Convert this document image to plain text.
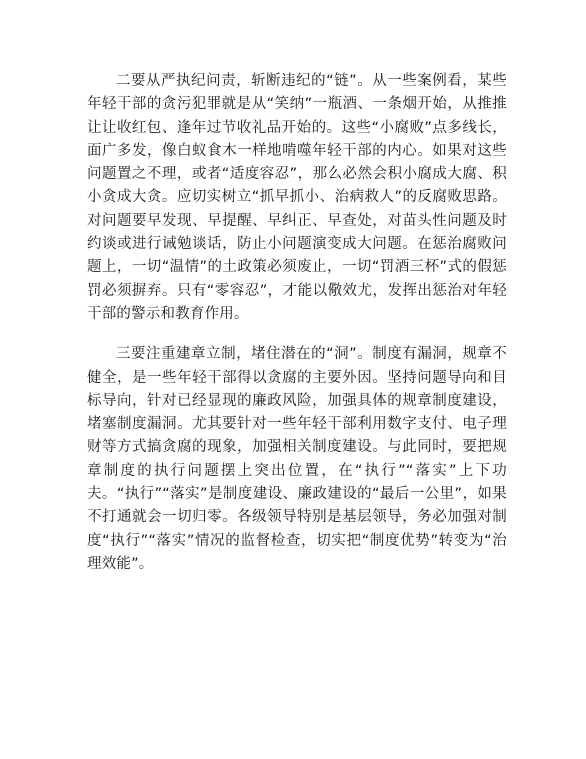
二要从严执纪问责，斩断违纪的“链”。从一些案例看，某些年轻干部的贪污犯罪就是从“笑纳”一瓶酒、一条烟开始，从推推让让收红包、逢年过节收礼品开始的。这些“小腐败”点多线长，面广多发，像白蚁食木一样地啃噬年轻干部的内心。如果对这些问题置之不理，或者“适度容忍”，那么必然会积小腐成大腐、积小贪成大贪。应切实树立“抓早抓小、治病救人”的反腐败思路。对问题要早发现、早提醒、早纠正、早查处，对苗头性问题及时约谈或进行诫勉谈话，防止小问题演变成大问题。在惩治腐败问题上，一切“温情”的土政策必须废止，一切“罚酒三杯”式的假惩罚必须摒弃。只有“零容忍”，才能以儆效尤，发挥出惩治对年轻干部的警示和教育作用。

三要注重建章立制，堵住潜在的“洞”。制度有漏洞，规章不健全，是一些年轻干部得以贪腐的主要外因。坚持问题导向和目标导向，针对已经显现的廉政风险，加强具体的规章制度建设，堵塞制度漏洞。尤其要针对一些年轻干部利用数字支付、电子理财等方式搞贪腐的现象，加强相关制度建设。与此同时，要把规章制度的执行问题摆上突出位置，在“执行”“落实”上下功夫。“执行”“落实”是制度建设、廉政建设的“最后一公里”，如果不打通就会一切归零。各级领导特别是基层领导，务必加强对制度“执行”“落实”情况的监督检查，切实把“制度优势”转变为“治理效能”。
